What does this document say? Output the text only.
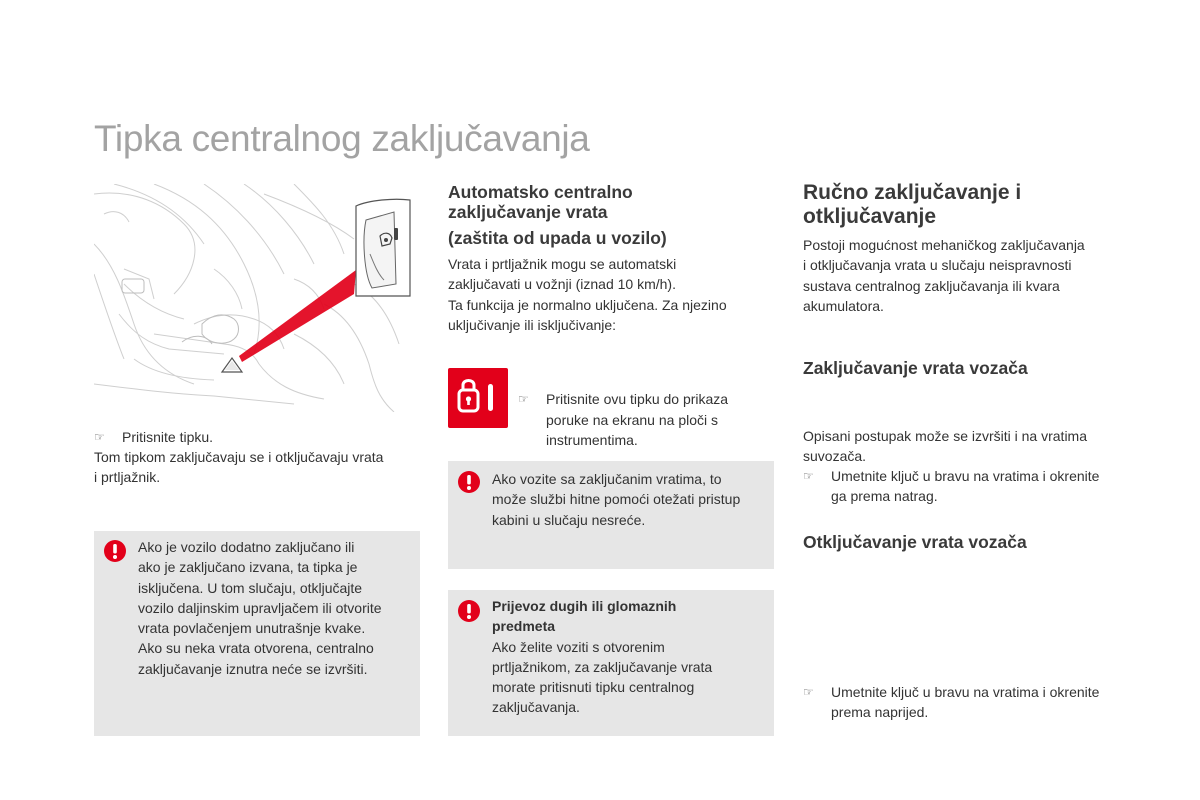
Tipka centralnog zaključavanja
☞ Pritisnite tipku.

Tom tipkom zaključavaju se i otključavaju vrata
i prtljažnik.

Ako je vozilo dodatno zaključano ili
ako je zaključano izvana, ta tipka je
isključena. U tom slučaju, otključajte
vozilo daljinskim upravljačem ili otvorite
vrata povlačenjem unutrašnje kvake.
Ako su neka vrata otvorena, centralno
zaključavanje iznutra neće se izvršiti.

Automatsko centralno
zaključavanje vrata
(zaštita od upada u vozilo)

Vrata i prtljažnik mogu se automatski
zaključavati u vožnji (iznad 10 km/h).
Ta funkcija je normalno uključena. Za njezino
uključivanje ili isključivanje:

☞ Pritisnite ovu tipku do prikaza
poruke na ekranu na ploči s
instrumentima.

Ako vozite sa zaključanim vratima, to
može službi hitne pomoći otežati pristup
kabini u slučaju nesreće.

Prijevoz dugih ili glomaznih
predmeta
Ako želite voziti s otvorenim
prtljažnikom, za zaključavanje vrata
morate pritisnuti tipku centralnog
zaključavanja.

Ručno zaključavanje i
otključavanje

Postoji mogućnost mehaničkog zaključavanja
i otključavanja vrata u slučaju neispravnosti
sustava centralnog zaključavanja ili kvara
akumulatora.

Zaključavanje vrata vozača
☞ Umetnite ključ u bravu na vratima i okrenite
ga prema natrag.

Opisani postupak može se izvršiti i na vratima
suvozača.

Otključavanje vrata vozača
☞ Umetnite ključ u bravu na vratima i okrenite
prema naprijed.
